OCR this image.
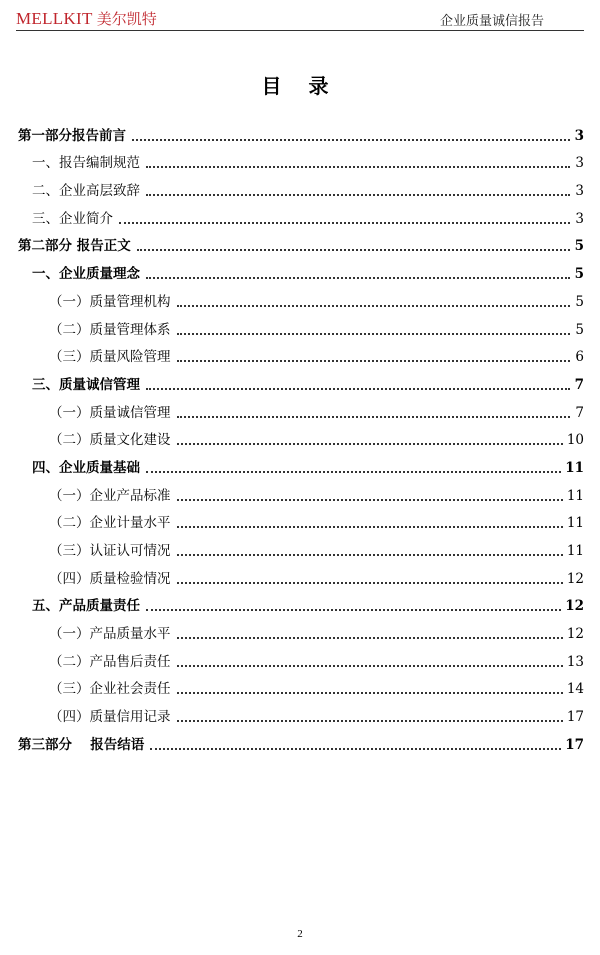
MELLKIT 美尔凯特	企业质量诚信报告
目 录
第一部分报告前言	3
一、报告编制规范	3
二、企业高层致辞	3
三、企业简介	3
第二部分 报告正文	5
一、企业质量理念	5
（一）质量管理机构	5
（二）质量管理体系	5
（三）质量风险管理	6
三、质量诚信管理	7
（一）质量诚信管理	7
（二）质量文化建设	10
四、企业质量基础	11
（一）企业产品标准	11
（二）企业计量水平	11
（三）认证认可情况	11
（四）质量检验情况	12
五、产品质量责任	12
（一）产品质量水平	12
（二）产品售后责任	13
（三）企业社会责任	14
（四）质量信用记录	17
第三部分　 报告结语	17
2
